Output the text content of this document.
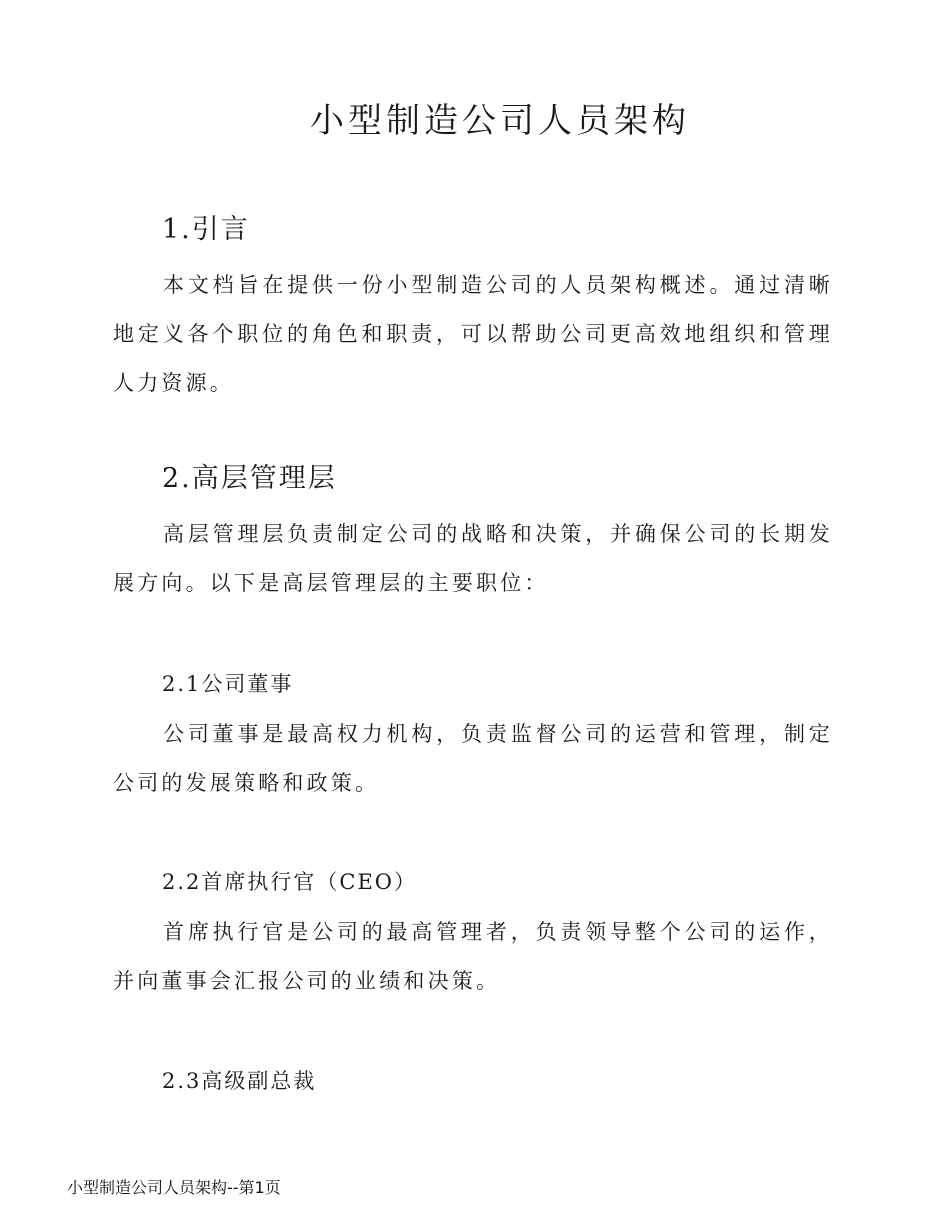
小型制造公司人员架构
1.引言

本文档旨在提供一份小型制造公司的人员架构概述。通过清晰地定义各个职位的角色和职责，可以帮助公司更高效地组织和管理人力资源。

2.高层管理层

高层管理层负责制定公司的战略和决策，并确保公司的长期发展方向。以下是高层管理层的主要职位：

2.1公司董事

公司董事是最高权力机构，负责监督公司的运营和管理，制定公司的发展策略和政策。

2.2首席执行官（CEO）

首席执行官是公司的最高管理者，负责领导整个公司的运作，并向董事会汇报公司的业绩和决策。

2.3高级副总裁
小型制造公司人员架构--第1页
